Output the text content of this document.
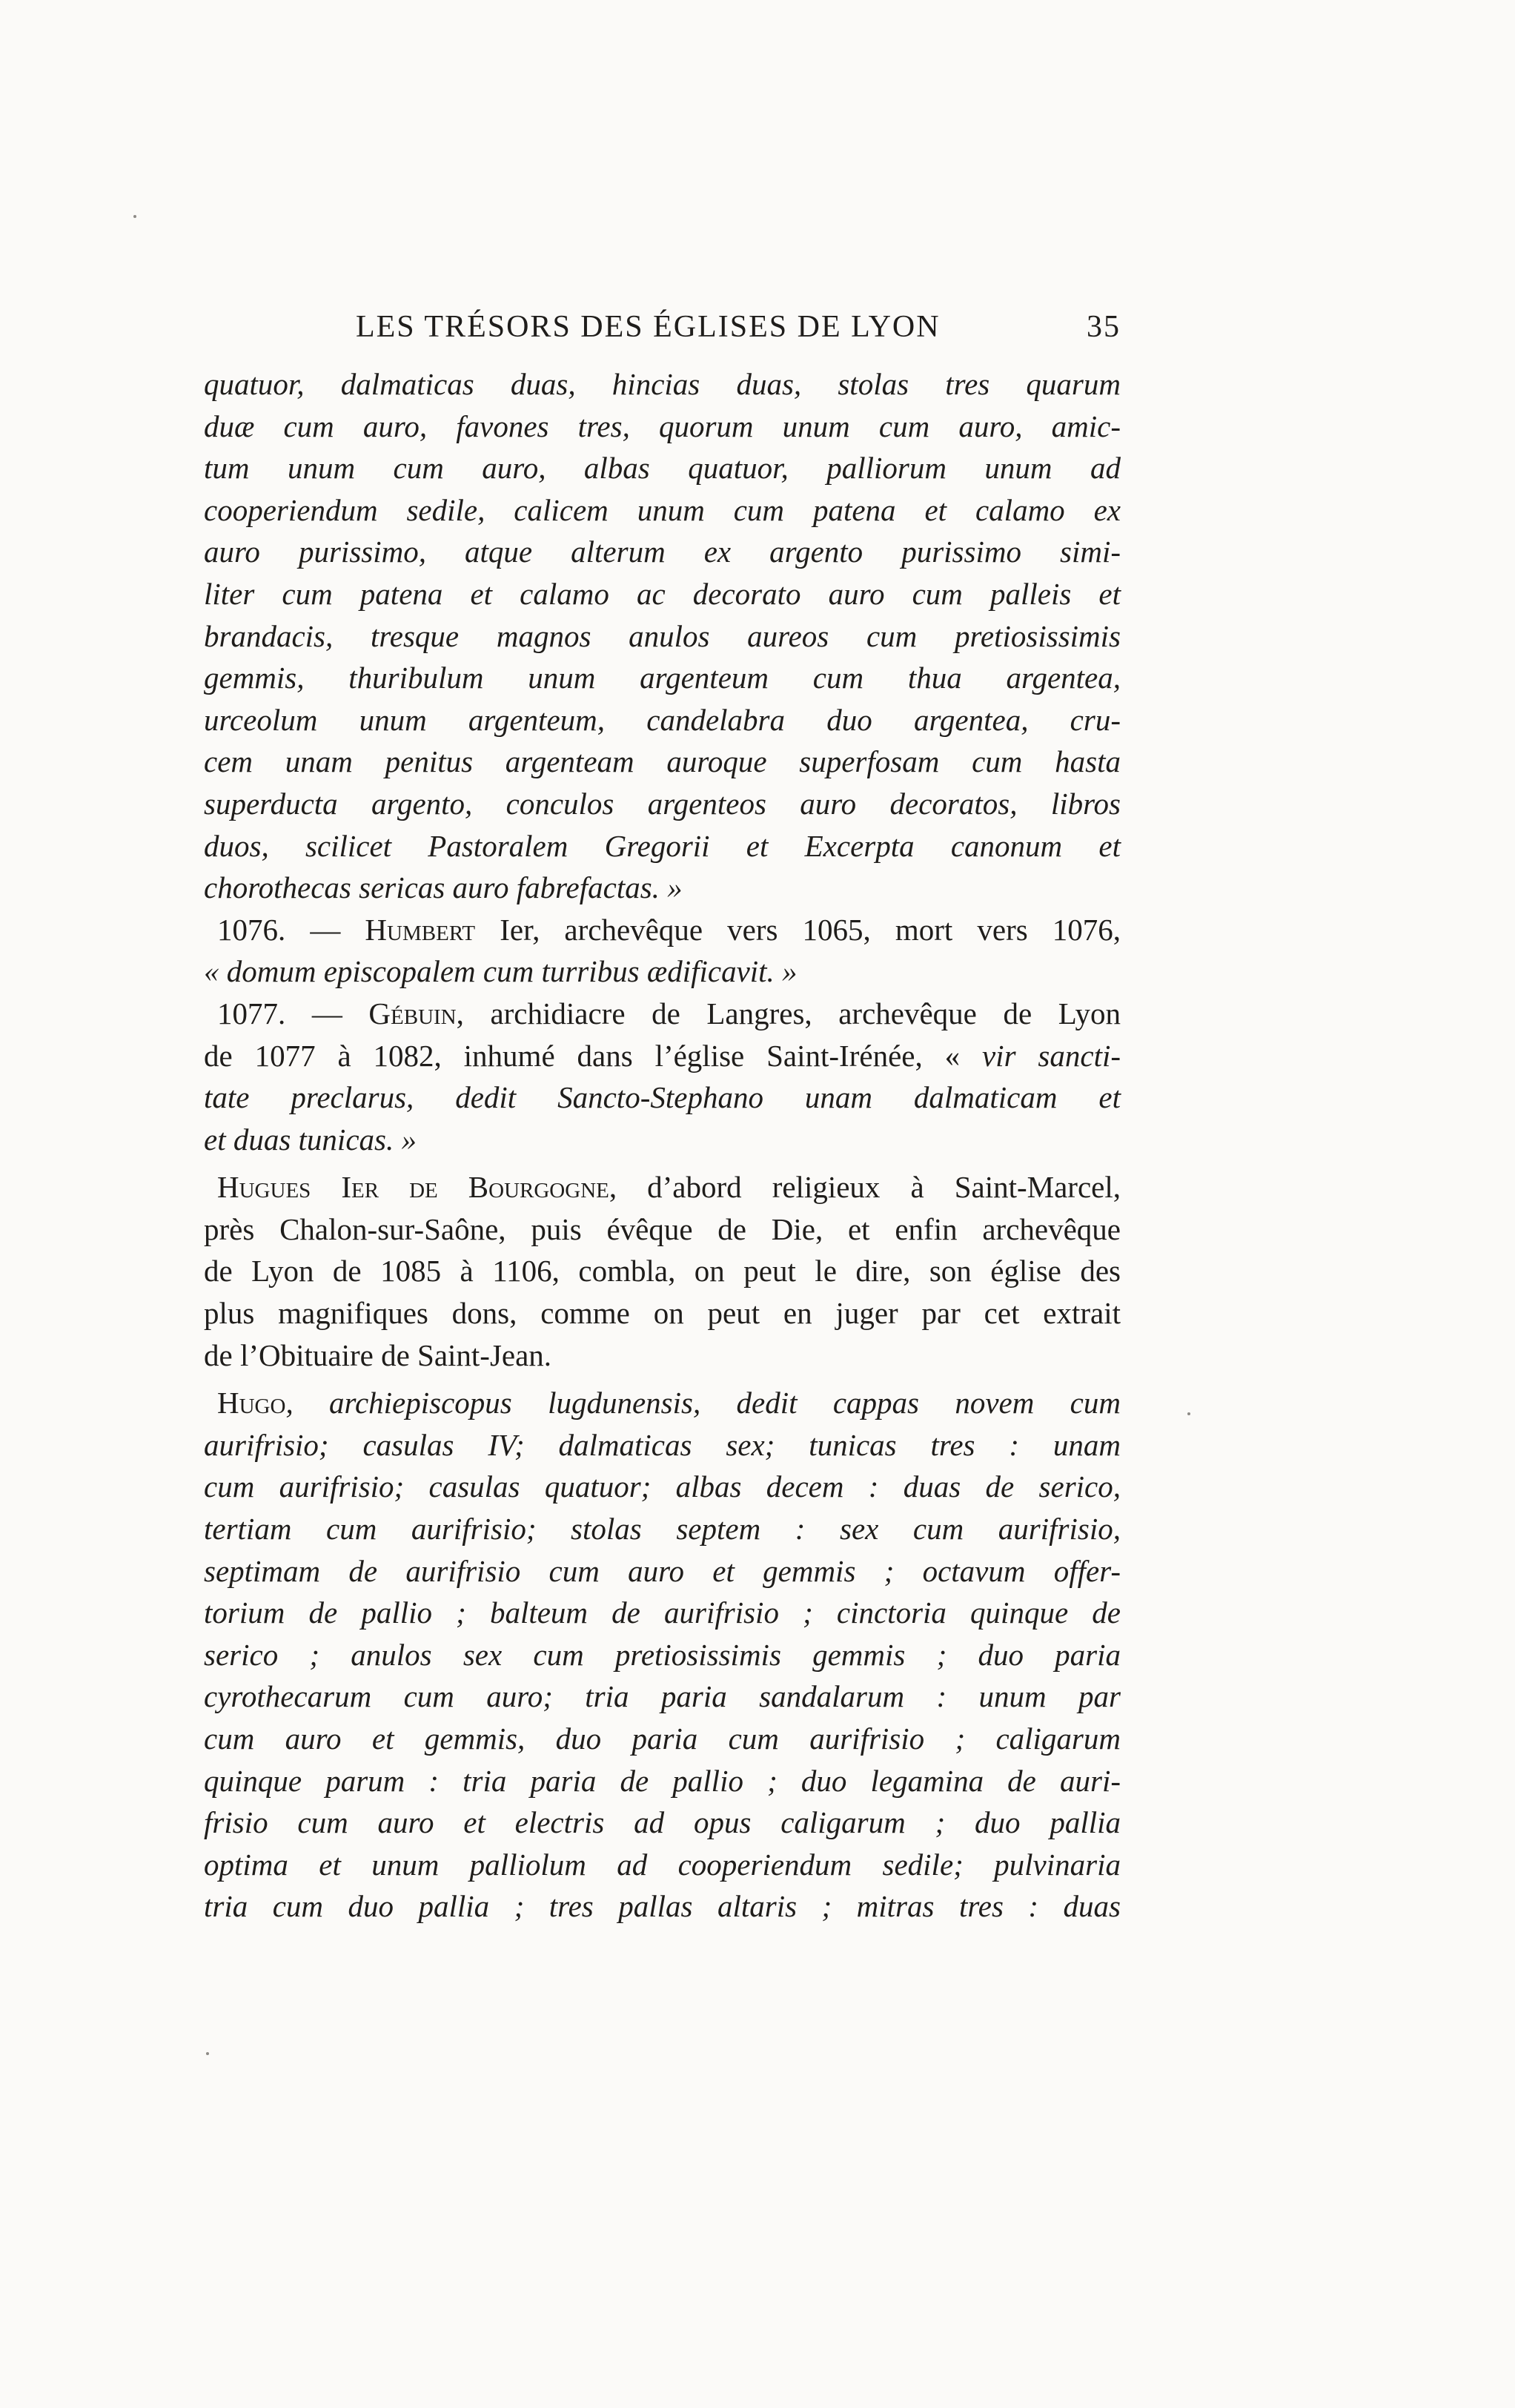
LES TRÉSORS DES ÉGLISES DE LYON	35
quatuor, dalmaticas duas, hincias duas, stolas tres quarum
duæ cum auro, favones tres, quorum unum cum auro, amic-
tum unum cum auro, albas quatuor, palliorum unum ad
cooperiendum sedile, calicem unum cum patena et calamo ex
auro purissimo, atque alterum ex argento purissimo simi-
liter cum patena et calamo ac decorato auro cum palleis et
brandacis, tresque magnos anulos aureos cum pretiosissimis
gemmis, thuribulum unum argenteum cum thua argentea,
urceolum unum argenteum, candelabra duo argentea, cru-
cem unam penitus argenteam auroque superfosam cum hasta
superducta argento, conculos argenteos auro decoratos, libros
duos, scilicet Pastoralem Gregorii et Excerpta canonum et
chorothecas sericas auro fabrefactas. »
1076. — Humbert Ier, archevêque vers 1065, mort vers 1076,
« domum episcopalem cum turribus ædificavit. »
1077. — Gébuin, archidiacre de Langres, archevêque de Lyon
de 1077 à 1082, inhumé dans l’église Saint-Irénée, « vir sancti-
tate preclarus, dedit Sancto-Stephano unam dalmaticam et
et duas tunicas. »
Hugues Ier de Bourgogne, d’abord religieux à Saint-Marcel,
près Chalon-sur-Saône, puis évêque de Die, et enfin archevêque
de Lyon de 1085 à 1106, combla, on peut le dire, son église des
plus magnifiques dons, comme on peut en juger par cet extrait
de l’Obituaire de Saint-Jean.
Hugo, archiepiscopus lugdunensis, dedit cappas novem cum
aurifrisio; casulas IV; dalmaticas sex; tunicas tres : unam
cum aurifrisio; casulas quatuor; albas decem : duas de serico,
tertiam cum aurifrisio; stolas septem : sex cum aurifrisio,
septimam de aurifrisio cum auro et gemmis ; octavum offer-
torium de pallio ; balteum de aurifrisio ; cinctoria quinque de
serico ; anulos sex cum pretiosissimis gemmis ; duo paria
cyrothecarum cum auro; tria paria sandalarum : unum par
cum auro et gemmis, duo paria cum aurifrisio ; caligarum
quinque parum : tria paria de pallio ; duo legamina de auri-
frisio cum auro et electris ad opus caligarum ; duo pallia
optima et unum palliolum ad cooperiendum sedile; pulvinaria
tria cum duo pallia ; tres pallas altaris ; mitras tres : duas
